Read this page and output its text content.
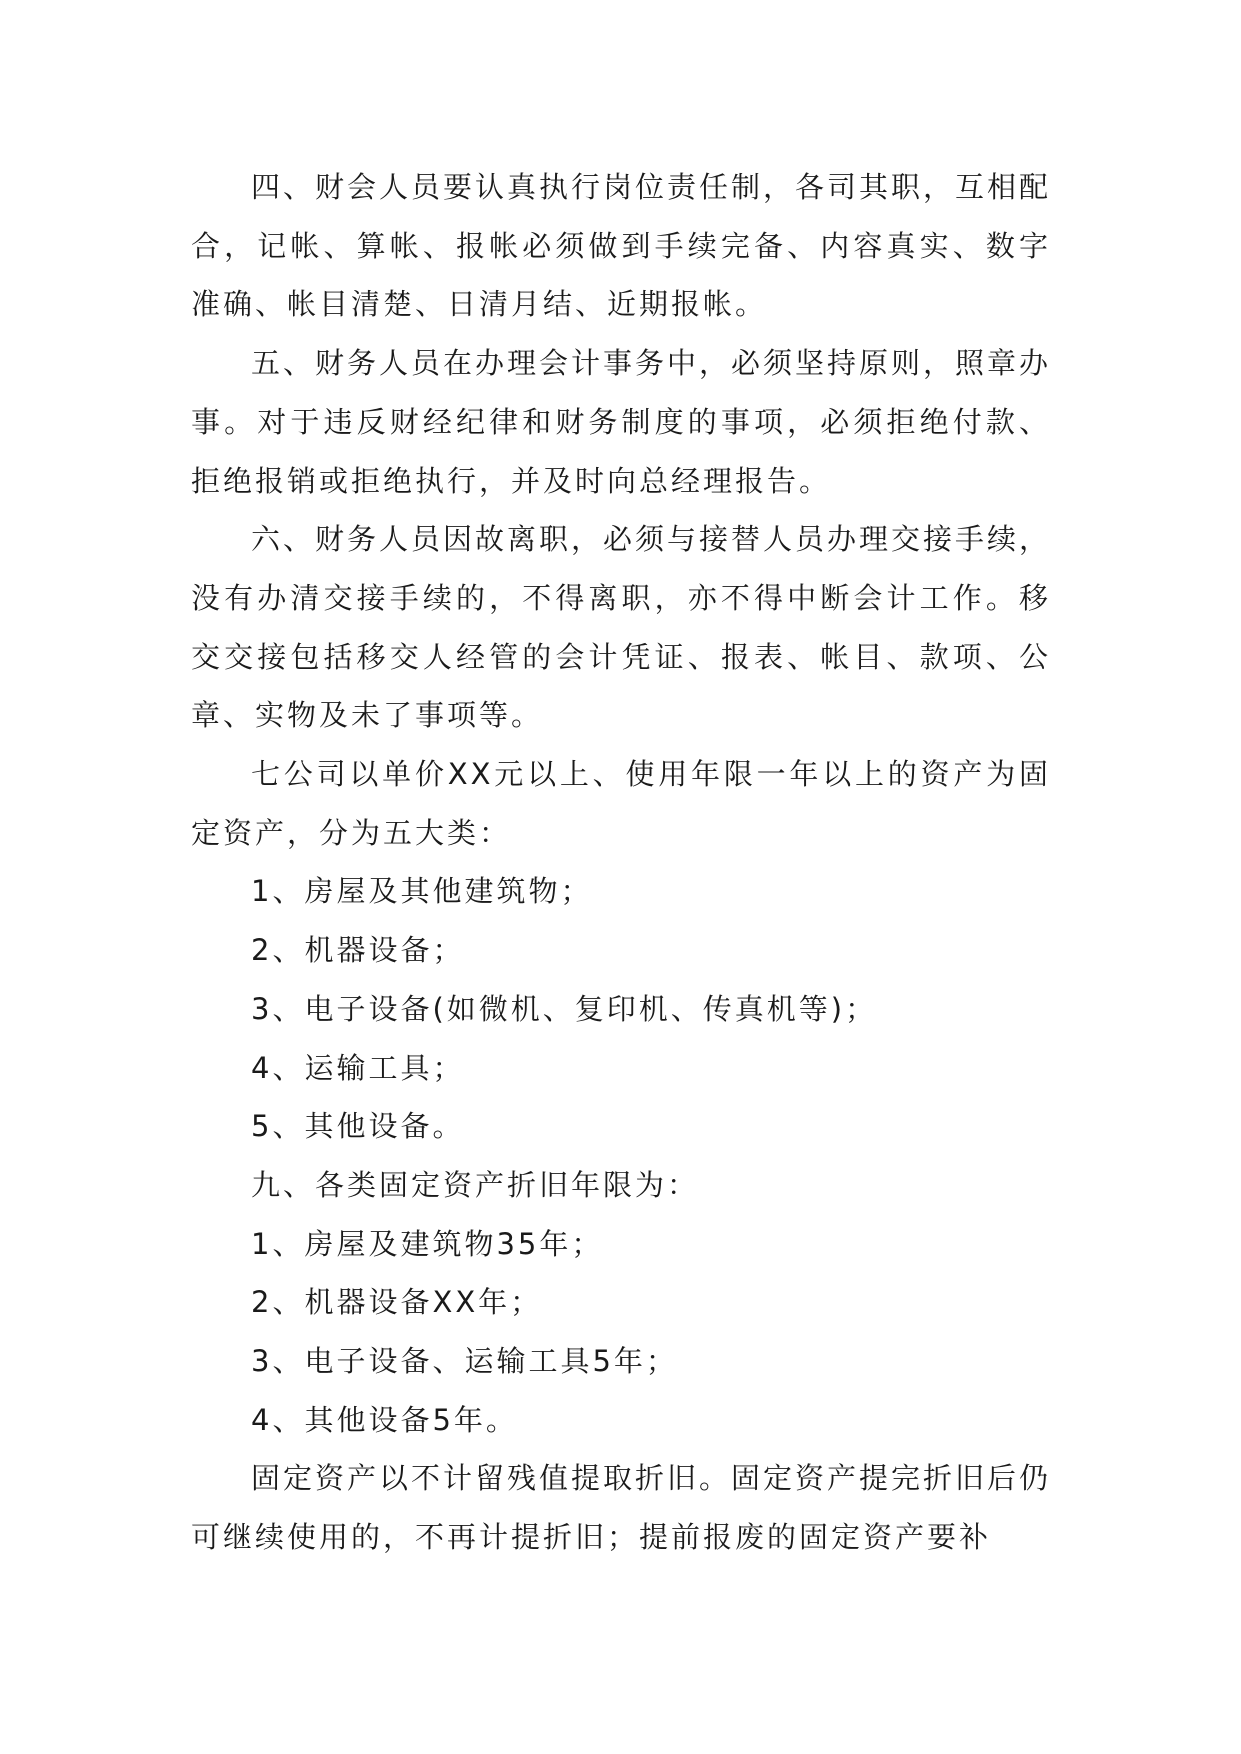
四、财会人员要认真执行岗位责任制，各司其职，互相配合，记帐、算帐、报帐必须做到手续完备、内容真实、数字准确、帐目清楚、日清月结、近期报帐。

五、财务人员在办理会计事务中，必须坚持原则，照章办事。对于违反财经纪律和财务制度的事项，必须拒绝付款、拒绝报销或拒绝执行，并及时向总经理报告。

六、财务人员因故离职，必须与接替人员办理交接手续，没有办清交接手续的，不得离职，亦不得中断会计工作。移交交接包括移交人经管的会计凭证、报表、帐目、款项、公章、实物及未了事项等。

七公司以单价XX元以上、使用年限一年以上的资产为固定资产，分为五大类：

1、房屋及其他建筑物；

2、机器设备；

3、电子设备(如微机、复印机、传真机等)；

4、运输工具；

5、其他设备。

九、各类固定资产折旧年限为：

1、房屋及建筑物35年；

2、机器设备XX年；

3、电子设备、运输工具5年；

4、其他设备5年。

固定资产以不计留残值提取折旧。固定资产提完折旧后仍可继续使用的，不再计提折旧；提前报废的固定资产要补
